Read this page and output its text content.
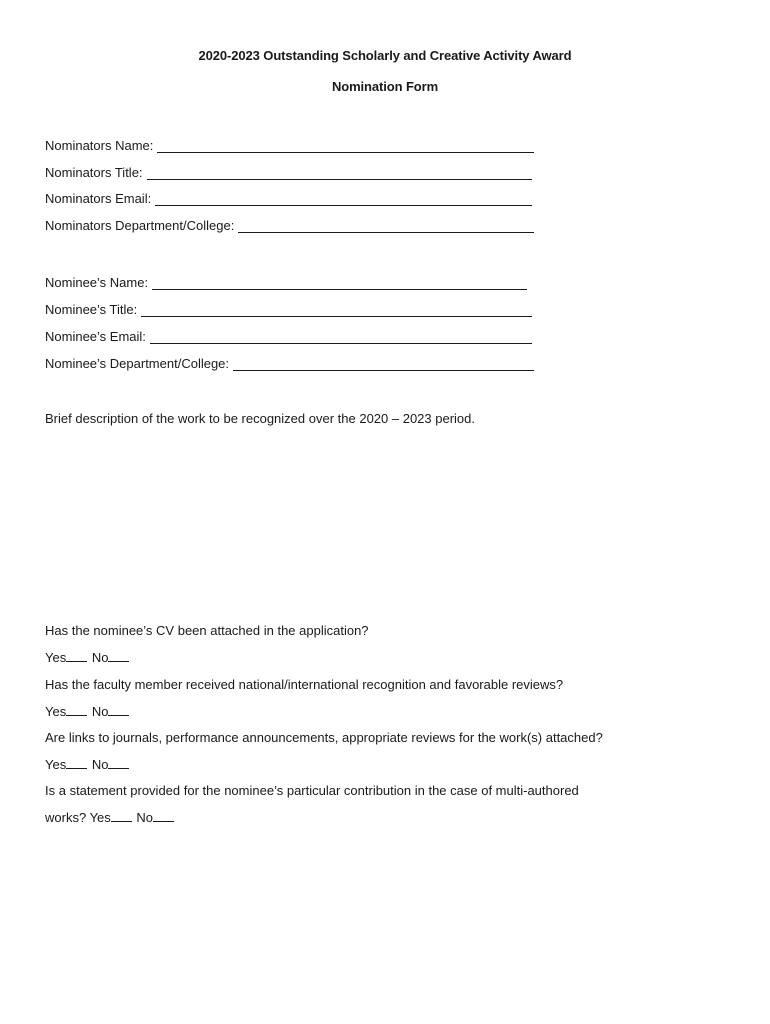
2020-2023 Outstanding Scholarly and Creative Activity Award
Nomination Form
Nominators Name:
Nominators Title:
Nominators Email:
Nominators Department/College:
Nominee’s Name:
Nominee’s Title:
Nominee’s Email:
Nominee’s Department/College:
Brief description of the work to be recognized over the 2020 – 2023 period.
Has the nominee’s CV been attached in the application?
Yes No
Has the faculty member received national/international recognition and favorable reviews?
Yes No
Are links to journals, performance announcements, appropriate reviews for the work(s) attached?
Yes No
Is a statement provided for the nominee’s particular contribution in the case of multi-authored
works? Yes No
